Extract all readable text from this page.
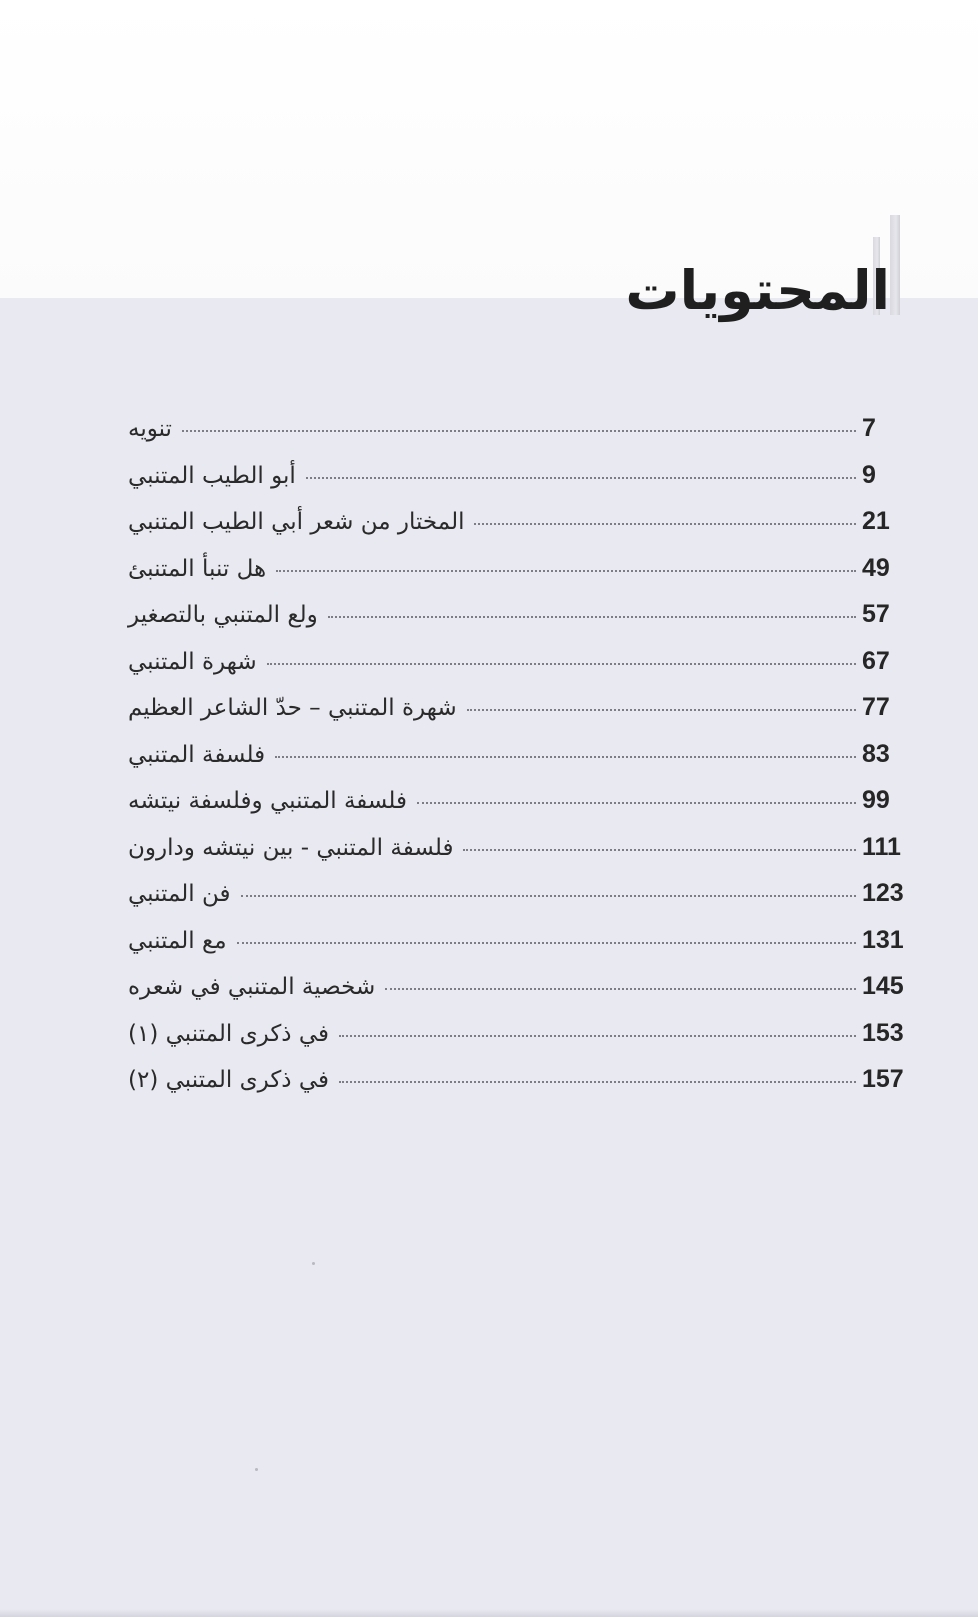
المحتويات
تنويه	7
أبو الطيب المتنبي	9
المختار من شعر أبي الطيب المتنبي	21
هل تنبأ المتنبئ	49
ولع المتنبي بالتصغير	57
شهرة المتنبي	67
شهرة المتنبي – حدّ الشاعر العظيم	77
فلسفة المتنبي	83
فلسفة المتنبي وفلسفة نيتشه	99
فلسفة المتنبي - بين نيتشه ودارون	111
فن المتنبي	123
مع المتنبي	131
شخصية المتنبي في شعره	145
في ذكرى المتنبي (١)	153
في ذكرى المتنبي (٢)	157
